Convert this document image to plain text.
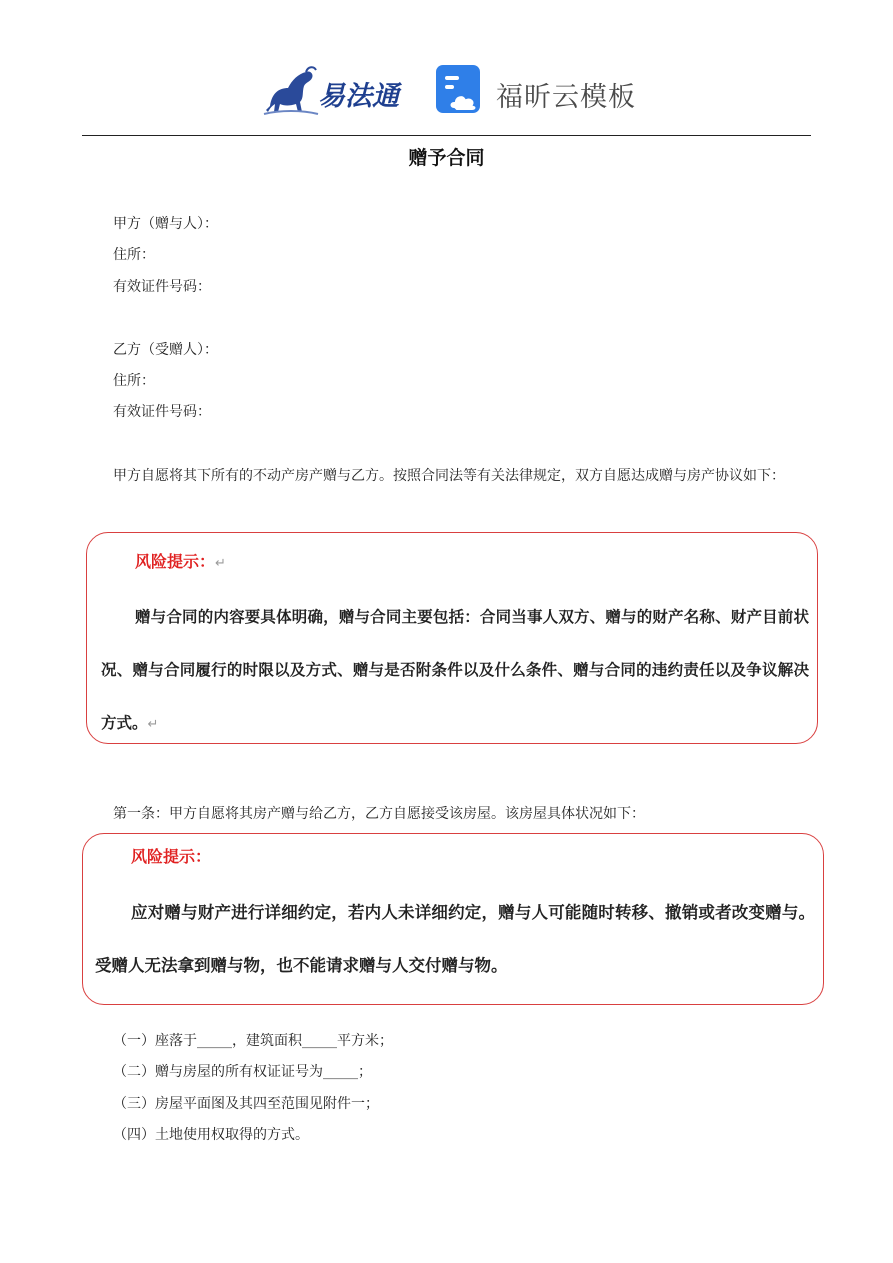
易法通	福昕云模板
赠予合同
甲方（赠与人）：
住所：
有效证件号码：
乙方（受赠人）：
住所：
有效证件号码：
甲方自愿将其下所有的不动产房产赠与乙方。按照合同法等有关法律规定，双方自愿达成赠与房产协议如下：
风险提示：↵
赠与合同的内容要具体明确，赠与合同主要包括：合同当事人双方、赠与的财产名称、财产目前状况、赠与合同履行的时限以及方式、赠与是否附条件以及什么条件、赠与合同的违约责任以及争议解决方式。↵
第一条：甲方自愿将其房产赠与给乙方，乙方自愿接受该房屋。该房屋具体状况如下：
风险提示：
应对赠与财产进行详细约定，若内人未详细约定，赠与人可能随时转移、撤销或者改变赠与。受赠人无法拿到赠与物，也不能请求赠与人交付赠与物。
（一）座落于_____，建筑面积_____平方米；
（二）赠与房屋的所有权证证号为_____；
（三）房屋平面图及其四至范围见附件一；
（四）土地使用权取得的方式。
